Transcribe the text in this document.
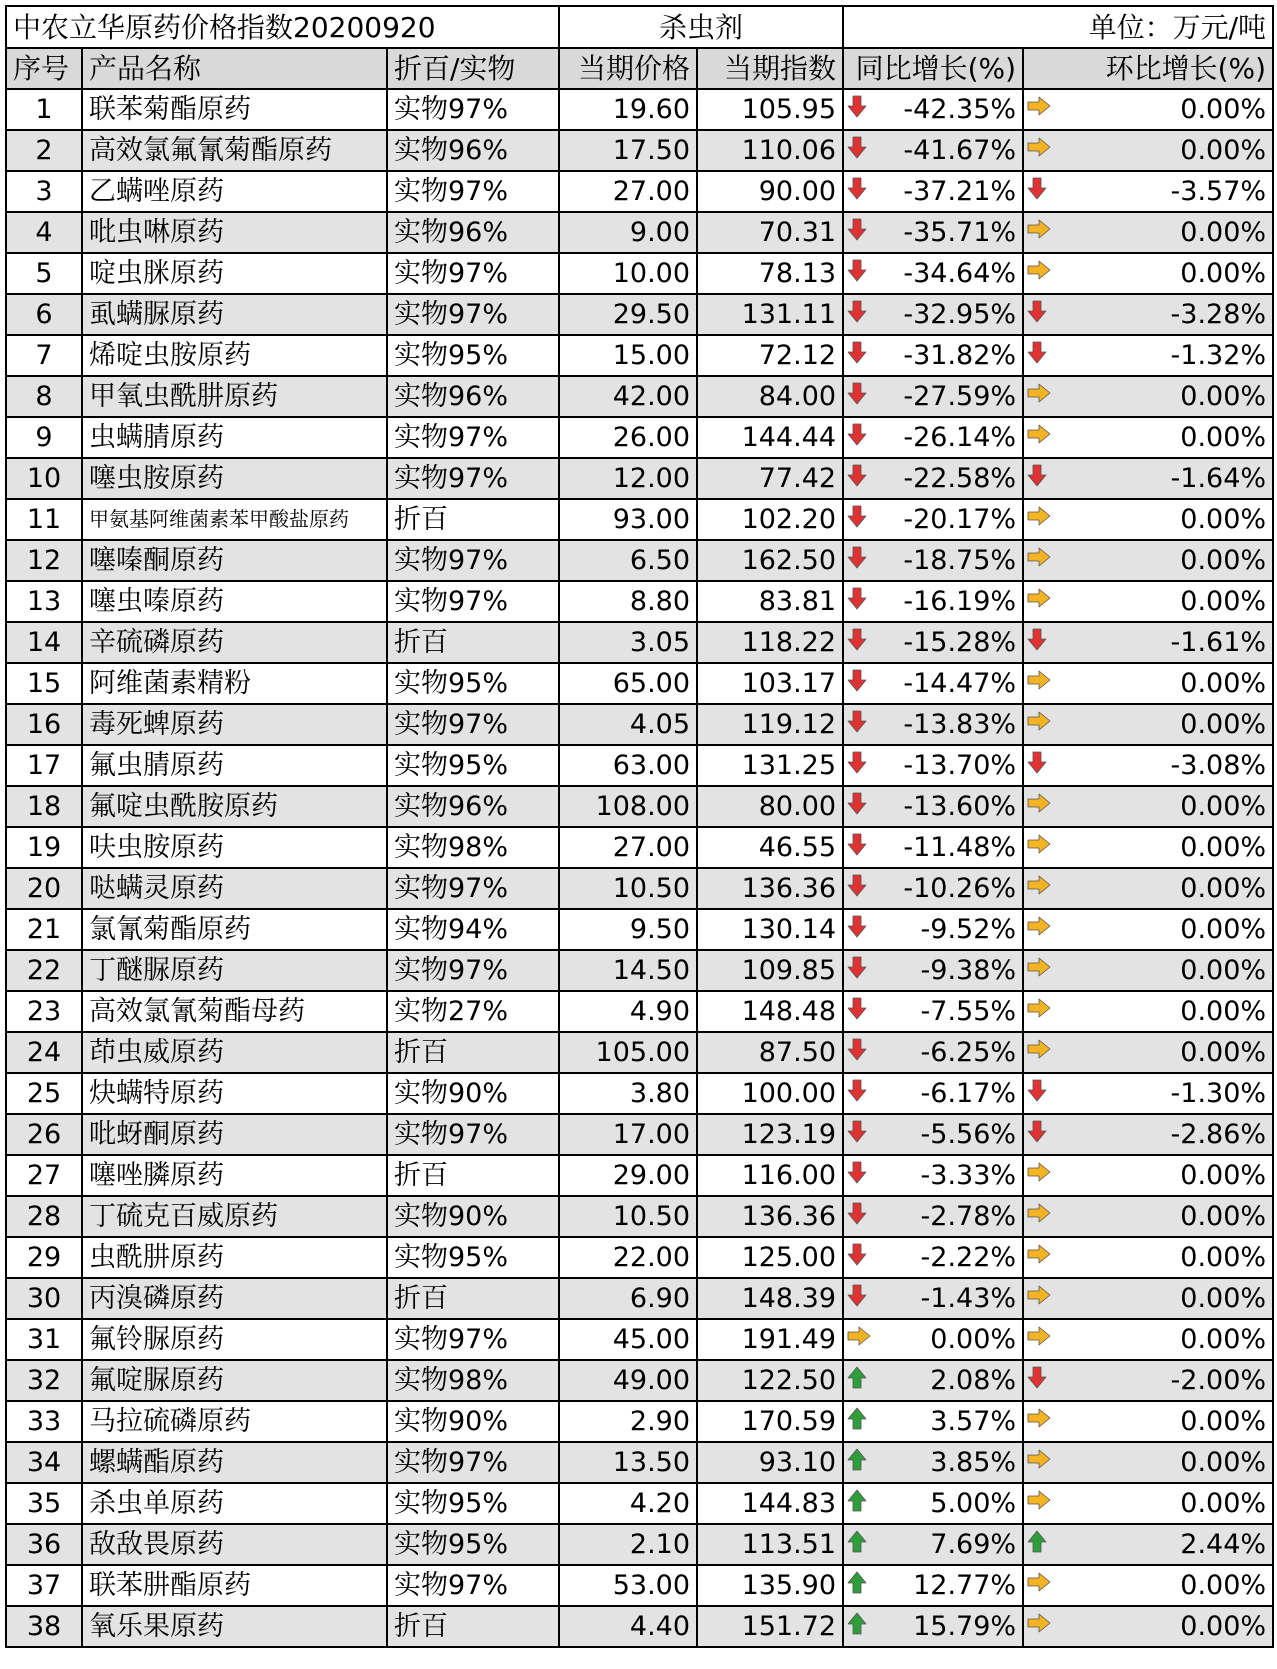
中农立华原药价格指数20200920			杀虫剂		单位：万元/吨	
序号	产品名称	折百/实物	当期价格	当期指数	同比增长(%)	环比增长(%)
1	联苯菊酯原药	实物97%	19.60	105.95	-42.35%	0.00%

2	高效氯氟氰菊酯原药	实物96%	17.50	110.06	-41.67%	0.00%

3	乙螨唑原药	实物97%	27.00	90.00	-37.21%	-3.57%

4	吡虫啉原药	实物96%	9.00	70.31	-35.71%	0.00%

5	啶虫脒原药	实物97%	10.00	78.13	-34.64%	0.00%

6	虱螨脲原药	实物97%	29.50	131.11	-32.95%	-3.28%

7	烯啶虫胺原药	实物95%	15.00	72.12	-31.82%	-1.32%

8	甲氧虫酰肼原药	实物96%	42.00	84.00	-27.59%	0.00%

9	虫螨腈原药	实物97%	26.00	144.44	-26.14%	0.00%

10	噻虫胺原药	实物97%	12.00	77.42	-22.58%	-1.64%

11	甲氨基阿维菌素苯甲酸盐原药	折百	93.00	102.20	-20.17%	0.00%

12	噻嗪酮原药	实物97%	6.50	162.50	-18.75%	0.00%

13	噻虫嗪原药	实物97%	8.80	83.81	-16.19%	0.00%

14	辛硫磷原药	折百	3.05	118.22	-15.28%	-1.61%

15	阿维菌素精粉	实物95%	65.00	103.17	-14.47%	0.00%

16	毒死蜱原药	实物97%	4.05	119.12	-13.83%	0.00%

17	氟虫腈原药	实物95%	63.00	131.25	-13.70%	-3.08%

18	氟啶虫酰胺原药	实物96%	108.00	80.00	-13.60%	0.00%

19	呋虫胺原药	实物98%	27.00	46.55	-11.48%	0.00%

20	哒螨灵原药	实物97%	10.50	136.36	-10.26%	0.00%

21	氯氰菊酯原药	实物94%	9.50	130.14	-9.52%	0.00%

22	丁醚脲原药	实物97%	14.50	109.85	-9.38%	0.00%

23	高效氯氰菊酯母药	实物27%	4.90	148.48	-7.55%	0.00%

24	茚虫威原药	折百	105.00	87.50	-6.25%	0.00%

25	炔螨特原药	实物90%	3.80	100.00	-6.17%	-1.30%

26	吡蚜酮原药	实物97%	17.00	123.19	-5.56%	-2.86%

27	噻唑膦原药	折百	29.00	116.00	-3.33%	0.00%

28	丁硫克百威原药	实物90%	10.50	136.36	-2.78%	0.00%

29	虫酰肼原药	实物95%	22.00	125.00	-2.22%	0.00%

30	丙溴磷原药	折百	6.90	148.39	-1.43%	0.00%

31	氟铃脲原药	实物97%	45.00	191.49	0.00%	0.00%

32	氟啶脲原药	实物98%	49.00	122.50	2.08%	-2.00%

33	马拉硫磷原药	实物90%	2.90	170.59	3.57%	0.00%

34	螺螨酯原药	实物97%	13.50	93.10	3.85%	0.00%

35	杀虫单原药	实物95%	4.20	144.83	5.00%	0.00%

36	敌敌畏原药	实物95%	2.10	113.51	7.69%	2.44%

37	联苯肼酯原药	实物97%	53.00	135.90	12.77%	0.00%

38	氧乐果原药	折百	4.40	151.72	15.79%	0.00%
